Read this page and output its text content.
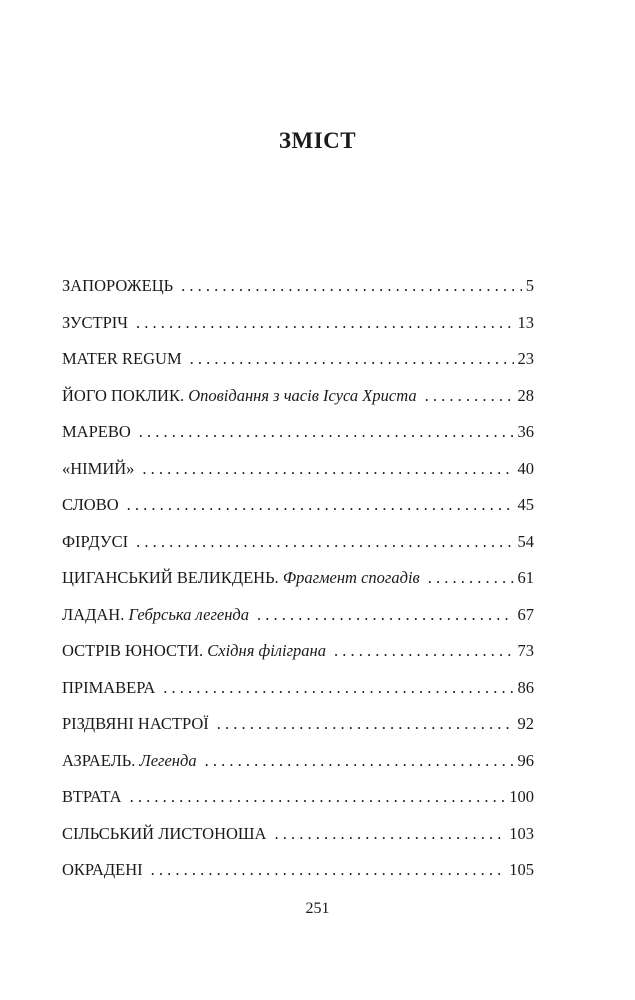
ЗМІСТ
ЗАПОРОЖЕЦЬ . . .	5
ЗУСТРІЧ . . .	13
MATER REGUM . . .	23
ЙОГО ПОКЛИК. Оповідання з часів Ісуса Христа . . .	28
МАРЕВО . . .	36
«НІМИЙ» . . .	40
СЛОВО . . .	45
ФІРДУСІ . . .	54
ЦИГАНСЬКИЙ ВЕЛИКДЕНЬ. Фрагмент спогадів . . .	61
ЛАДАН. Гебрська легенда . . .	67
ОСТРІВ ЮНОСТИ. Східня філіграна . . .	73
ПРІМАВЕРА . . .	86
РІЗДВЯНІ НАСТРОЇ . . .	92
АЗРАЕЛЬ. Легенда . . .	96
ВТРАТА . . .	100
СІЛЬСЬКИЙ ЛИСТОНОША . . .	103
ОКРАДЕНІ . . .	105
251
